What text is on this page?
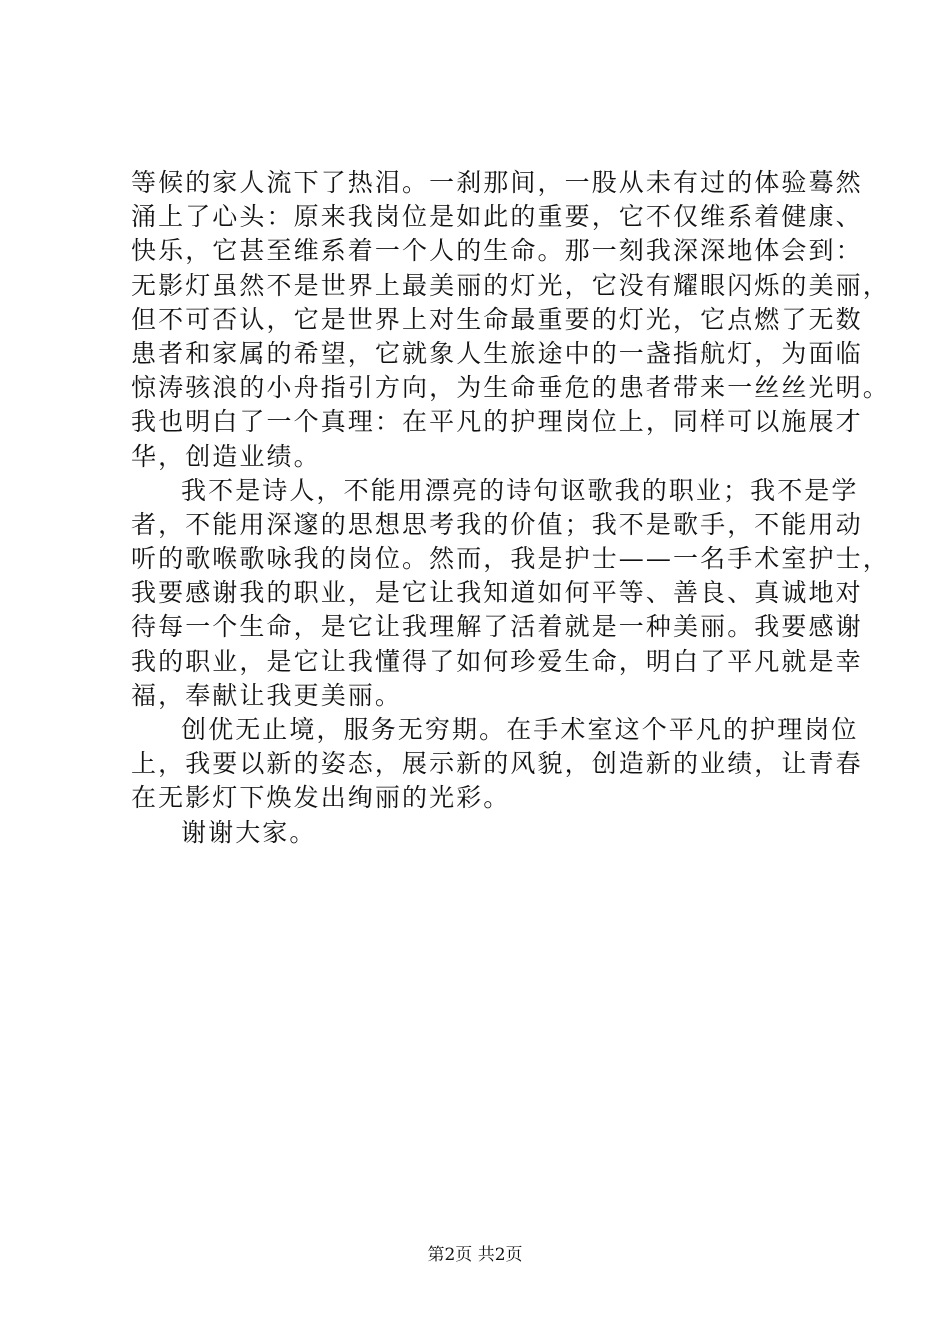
等候的家人流下了热泪。一刹那间，一股从未有过的体验蓦然
涌上了心头：原来我岗位是如此的重要，它不仅维系着健康、
快乐，它甚至维系着一个人的生命。那一刻我深深地体会到：
无影灯虽然不是世界上最美丽的灯光，它没有耀眼闪烁的美丽，
但不可否认，它是世界上对生命最重要的灯光，它点燃了无数
患者和家属的希望，它就象人生旅途中的一盏指航灯，为面临
惊涛骇浪的小舟指引方向，为生命垂危的患者带来一丝丝光明。
我也明白了一个真理：在平凡的护理岗位上，同样可以施展才
华，创造业绩。
我不是诗人，不能用漂亮的诗句讴歌我的职业；我不是学
者，不能用深邃的思想思考我的价值；我不是歌手，不能用动
听的歌喉歌咏我的岗位。然而，我是护士——一名手术室护士，
我要感谢我的职业，是它让我知道如何平等、善良、真诚地对
待每一个生命，是它让我理解了活着就是一种美丽。我要感谢
我的职业，是它让我懂得了如何珍爱生命，明白了平凡就是幸
福，奉献让我更美丽。
创优无止境，服务无穷期。在手术室这个平凡的护理岗位
上，我要以新的姿态，展示新的风貌，创造新的业绩，让青春
在无影灯下焕发出绚丽的光彩。
谢谢大家。
第2页 共2页
